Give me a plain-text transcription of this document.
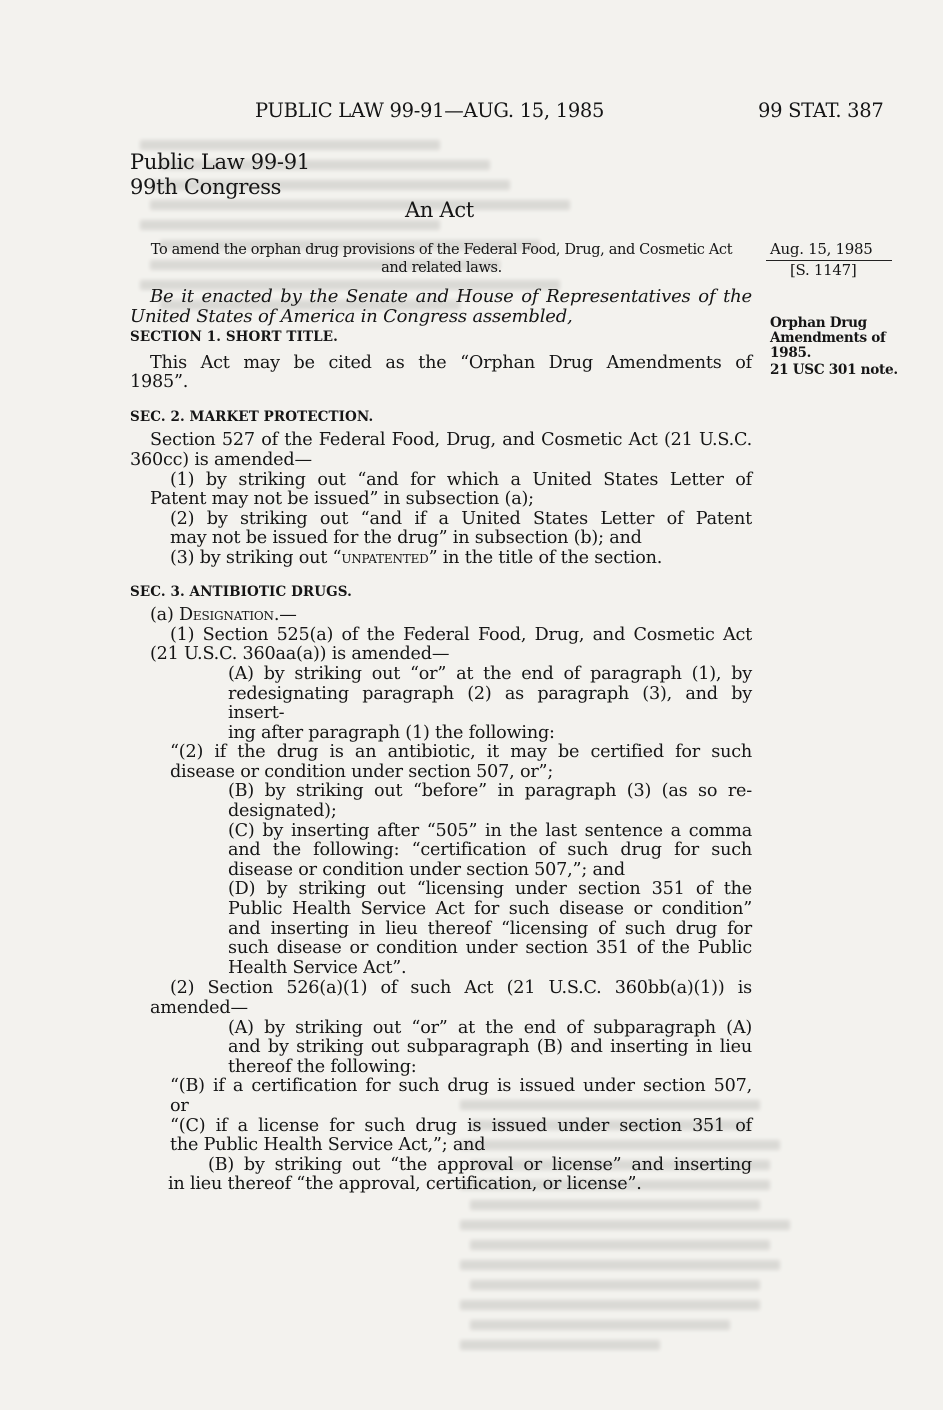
PUBLIC LAW 99-91—AUG. 15, 1985	99 STAT. 387
Public Law 99-91
99th Congress
An Act
To amend the orphan drug provisions of the Federal Food, Drug, and Cosmetic Act
and related laws.
Aug. 15, 1985
[S. 1147]
Orphan Drug
Amendments of
1985.
21 USC 301 note.

Be it enacted by the Senate and House of Representatives of the

United States of America in Congress assembled,

SECTION 1. SHORT TITLE.

This Act may be cited as the “Orphan Drug Amendments of

1985”.

SEC. 2. MARKET PROTECTION.

Section 527 of the Federal Food, Drug, and Cosmetic Act (21 U.S.C.

360cc) is amended—

(1) by striking out “and for which a United States Letter of

Patent may not be issued” in subsection (a);

(2) by striking out “and if a United States Letter of Patent

may not be issued for the drug” in subsection (b); and

(3) by striking out “unpatented” in the title of the section.

SEC. 3. ANTIBIOTIC DRUGS.

(a) Designation.—

(1) Section 525(a) of the Federal Food, Drug, and Cosmetic Act

(21 U.S.C. 360aa(a)) is amended—

(A) by striking out “or” at the end of paragraph (1), by

redesignating paragraph (2) as paragraph (3), and by insert-

ing after paragraph (1) the following:

“(2) if the drug is an antibiotic, it may be certified for such

disease or condition under section 507, or”;

(B) by striking out “before” in paragraph (3) (as so re-

designated);

(C) by inserting after “505” in the last sentence a comma

and the following: “certification of such drug for such

disease or condition under section 507,”; and

(D) by striking out “licensing under section 351 of the

Public Health Service Act for such disease or condition”

and inserting in lieu thereof “licensing of such drug for

such disease or condition under section 351 of the Public

Health Service Act”.

(2) Section 526(a)(1) of such Act (21 U.S.C. 360bb(a)(1)) is

amended—

(A) by striking out “or” at the end of subparagraph (A)

and by striking out subparagraph (B) and inserting in lieu

thereof the following:

“(B) if a certification for such drug is issued under section 507,

or

“(C) if a license for such drug is issued under section 351 of

the Public Health Service Act,”; and

(B) by striking out “the approval or license” and inserting

in lieu thereof “the approval, certification, or license”.
